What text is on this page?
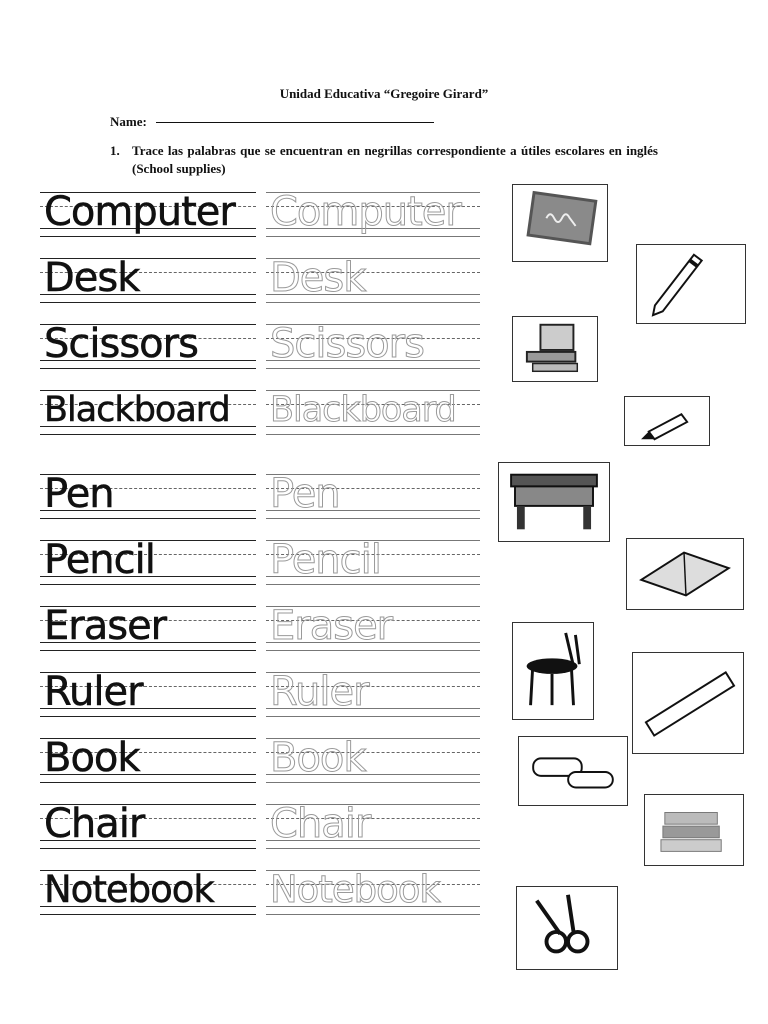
Unidad Educativa “Gregoire Girard”
Name:
1. Trace las palabras que se encuentran en negrillas correspondiente a útiles escolares en inglés (School supplies)
Computer Computer
Desk	Desk
Scissors Scissors
Blackboard Blackboard
Pen	Pen
Pencil	Pencil
Eraser	Eraser
Ruler	Ruler
Book	Book
Chair	Chair
Notebook Notebook
